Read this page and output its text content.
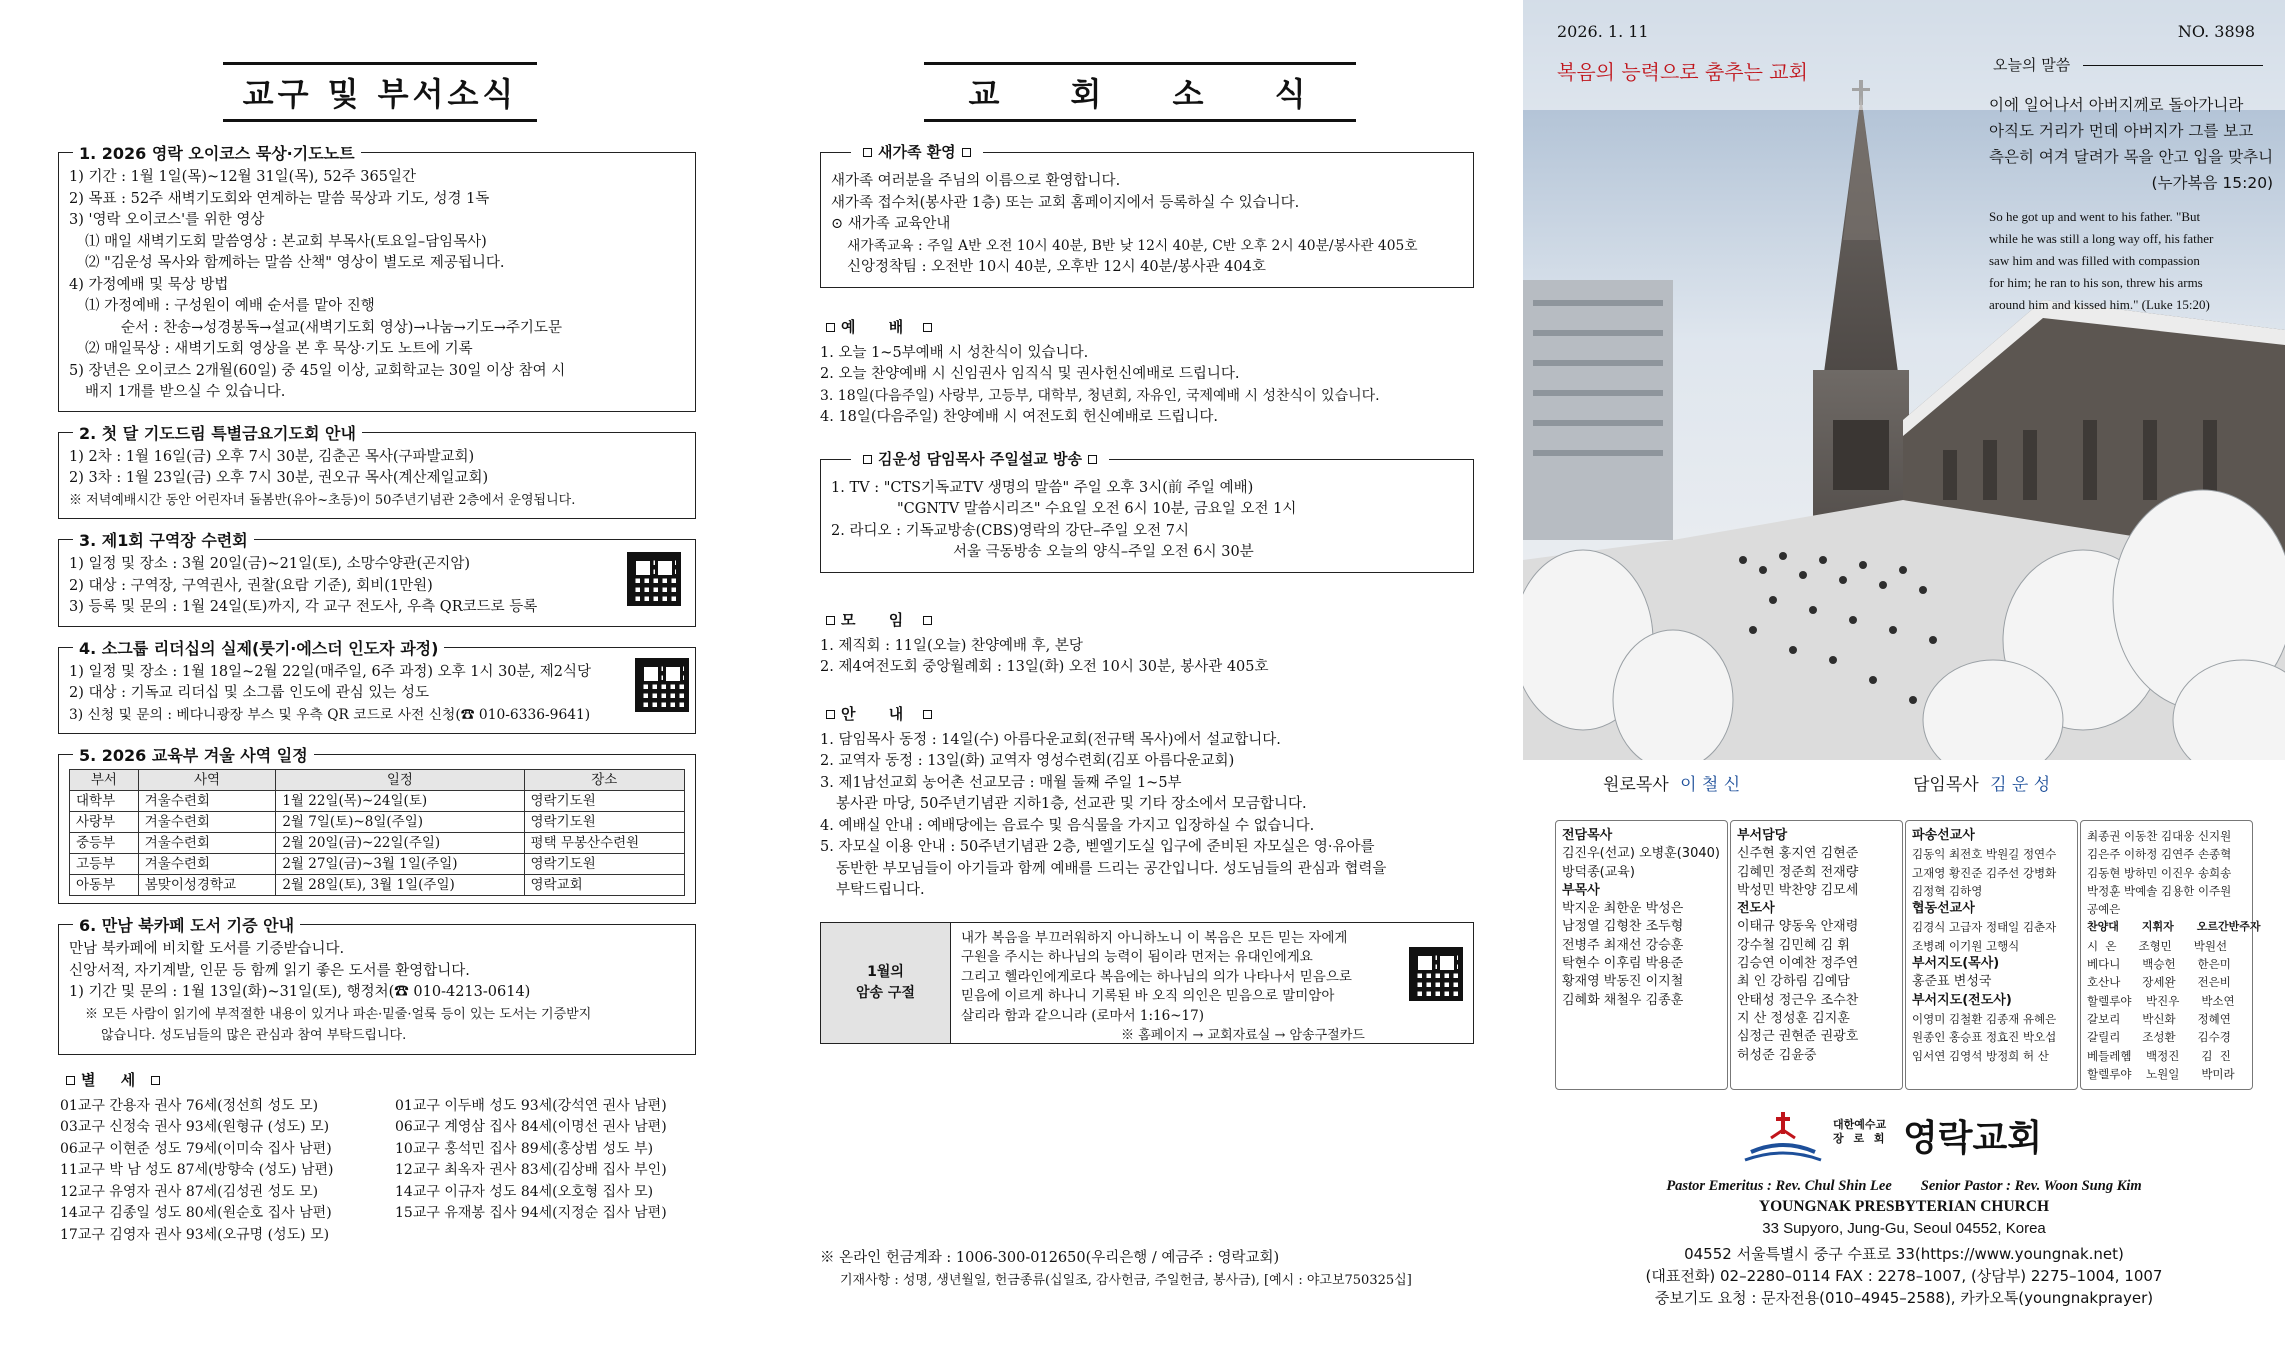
교구 및 부서소식
1. 2026 영락 오이코스 묵상·기도노트
1) 기간 : 1월 1일(목)~12월 31일(목), 52주 365일간
2) 목표 : 52주 새벽기도회와 연계하는 말씀 묵상과 기도, 성경 1독
3) '영락 오이코스'를 위한 영상
⑴ 매일 새벽기도회 말씀영상 : 본교회 부목사(토요일–담임목사)
⑵ "김운성 목사와 함께하는 말씀 산책" 영상이 별도로 제공됩니다.
4) 가정예배 및 묵상 방법
⑴ 가정예배 : 구성원이 예배 순서를 맡아 진행
순서 : 찬송→성경봉독→설교(새벽기도회 영상)→나눔→기도→주기도문
⑵ 매일묵상 : 새벽기도회 영상을 본 후 묵상·기도 노트에 기록
5) 장년은 오이코스 2개월(60일) 중 45일 이상, 교회학교는 30일 이상 참여 시
배지 1개를 받으실 수 있습니다.
2. 첫 달 기도드림 특별금요기도회 안내
1) 2차 : 1월 16일(금) 오후 7시 30분, 김춘곤 목사(구파발교회)
2) 3차 : 1월 23일(금) 오후 7시 30분, 권오규 목사(계산제일교회)
※ 저녁예배시간 동안 어린자녀 돌봄반(유아~초등)이 50주년기념관 2층에서 운영됩니다.
3. 제1회 구역장 수련회
1) 일정 및 장소 : 3월 20일(금)~21일(토), 소망수양관(곤지암)
2) 대상 : 구역장, 구역권사, 권찰(요람 기준), 회비(1만원)
3) 등록 및 문의 : 1월 24일(토)까지, 각 교구 전도사, 우측 QR코드로 등록
4. 소그룹 리더십의 실제(룻기·에스더 인도자 과정)
1) 일정 및 장소 : 1월 18일~2월 22일(매주일, 6주 과정) 오후 1시 30분, 제2식당
2) 대상 : 기독교 리더십 및 소그룹 인도에 관심 있는 성도
3) 신청 및 문의 : 베다니광장 부스 및 우측 QR 코드로 사전 신청(☎ 010-6336-9641)
5. 2026 교육부 겨울 사역 일정
부서	사역	일정	장소
대학부	겨울수련회	1월 22일(목)~24일(토)	영락기도원
사랑부	겨울수련회	2월 7일(토)~8일(주일)	영락기도원
중등부	겨울수련회	2월 20일(금)~22일(주일)	평택 무봉산수련원
고등부	겨울수련회	2월 27일(금)~3월 1일(주일)	영락기도원
아동부	봄맞이성경학교	2월 28일(토), 3월 1일(주일)	영락교회
6. 만남 북카페 도서 기증 안내
만남 북카페에 비치할 도서를 기증받습니다.
신앙서적, 자기계발, 인문 등 함께 읽기 좋은 도서를 환영합니다.
1) 기간 및 문의 : 1월 13일(화)~31일(토), 행정처(☎ 010-4213-0614)
※ 모든 사람이 읽기에 부적절한 내용이 있거나 파손·밑줄·얼룩 등이 있는 도서는 기증받지
않습니다. 성도님들의 많은 관심과 참여 부탁드립니다.
별 세
01교구 간용자 권사 76세(정선희 성도 모)
03교구 신정숙 권사 93세(원형규 (성도) 모)
06교구 이현준 성도 79세(이미숙 집사 남편)
11교구 박 남 성도 87세(방향숙 (성도) 남편)
12교구 유영자 권사 87세(김성권 성도 모)
14교구 김종일 성도 80세(원순호 집사 남편)
17교구 김영자 권사 93세(오규명 (성도) 모)
01교구 이두배 성도 93세(강석연 권사 남편)
06교구 계영삼 집사 84세(이명선 권사 남편)
10교구 홍석민 집사 89세(홍상범 성도 부)
12교구 최옥자 권사 83세(김상배 집사 부인)
14교구 이규자 성도 84세(오호형 집사 모)
15교구 유재봉 집사 94세(지정순 집사 남편)
교 회 소 식
새가족 환영
새가족 여러분을 주님의 이름으로 환영합니다.
새가족 접수처(봉사관 1층) 또는 교회 홈페이지에서 등록하실 수 있습니다.
⊙ 새가족 교육안내
새가족교육 : 주일 A반 오전 10시 40분, B반 낮 12시 40분, C반 오후 2시 40분/봉사관 405호
신앙정착팀 : 오전반 10시 40분, 오후반 12시 40분/봉사관 404호
예 배
1. 오늘 1~5부예배 시 성찬식이 있습니다.
2. 오늘 찬양예배 시 신임권사 임직식 및 권사헌신예배로 드립니다.
3. 18일(다음주일) 사랑부, 고등부, 대학부, 청년회, 자유인, 국제예배 시 성찬식이 있습니다.
4. 18일(다음주일) 찬양예배 시 여전도회 헌신예배로 드립니다.
김운성 담임목사 주일설교 방송
1. TV : "CTS기독교TV 생명의 말씀" 주일 오후 3시(前 주일 예배)
"CGNTV 말씀시리즈" 수요일 오전 6시 10분, 금요일 오전 1시
2. 라디오 : 기독교방송(CBS)영락의 강단–주일 오전 7시
서울 극동방송 오늘의 양식–주일 오전 6시 30분
모 임
1. 제직회 : 11일(오늘) 찬양예배 후, 본당
2. 제4여전도회 중앙월례회 : 13일(화) 오전 10시 30분, 봉사관 405호
안 내
1. 담임목사 동정 : 14일(수) 아름다운교회(전규택 목사)에서 설교합니다.
2. 교역자 동정 : 13일(화) 교역자 영성수련회(김포 아름다운교회)
3. 제1남선교회 농어촌 선교모금 : 매월 둘째 주일 1~5부
봉사관 마당, 50주년기념관 지하1층, 선교관 및 기타 장소에서 모금합니다.
4. 예배실 안내 : 예배당에는 음료수 및 음식물을 가지고 입장하실 수 없습니다.
5. 자모실 이용 안내 : 50주년기념관 2층, 벧엘기도실 입구에 준비된 자모실은 영·유아를
동반한 부모님들이 아기들과 함께 예배를 드리는 공간입니다. 성도님들의 관심과 협력을
부탁드립니다.
1월의
암송 구절
내가 복음을 부끄러워하지 아니하노니 이 복음은 모든 믿는 자에게
구원을 주시는 하나님의 능력이 됨이라 먼저는 유대인에게요
그리고 헬라인에게로다 복음에는 하나님의 의가 나타나서 믿음으로
믿음에 이르게 하나니 기록된 바 오직 의인은 믿음으로 말미암아
살리라 함과 같으니라 (로마서 1:16~17)
※ 홈페이지 → 교회자료실 → 암송구절카드
※ 온라인 헌금계좌 : 1006-300-012650(우리은행 / 예금주 : 영락교회)
기재사항 : 성명, 생년월일, 헌금종류(십일조, 감사헌금, 주일헌금, 봉사금), [예시 : 야고보750325십]
2026. 1. 11	NO. 3898
복음의 능력으로 춤추는 교회	오늘의 말씀
이에 일어나서 아버지께로 돌아가니라
아직도 거리가 먼데 아버지가 그를 보고
측은히 여겨 달려가 목을 안고 입을 맞추니
(누가복음 15:20)
So he got up and went to his father. "But
while he was still a long way off, his father
saw him and was filled with compassion
for him; he ran to his son, threw his arms
around him and kissed him." (Luke 15:20)
원로목사 이 철 신	담임목사 김 운 성
전담목사
김진우(선교) 오병훈(3040)
방덕종(교육)
부목사
박지운 최한운 박성은
남정열 김형찬 조두형
전병주 최재선 강승훈
탁현수 이후림 박용준
황재영 박동진 이지철
김혜화 채철우 김종훈
부서담당
신주현 홍지연 김현준
김혜민 정준희 전재량
박성민 박찬양 김모세
전도사
이태규 양동욱 안재령
강수철 김민혜 김 휘
김승연 이예찬 정주연
최 인 강하림 김예담
안태성 정근우 조수찬
지 산 정성훈 김지훈
심정근 권현준 권광호
허성준 김윤중
파송선교사
김동익 최전호 박원길 정연수
고재영 황진준 김주선 강병화
김정혁 김하영
협동선교사
김경식 고급자 정태일 김춘자
조병례 이기원 고행식
부서지도(목사)
홍준표 변성국
부서지도(전도사)
이영미 김철환 김종재 유혜은
원종인 홍승표 정효진 박오섭
임서연 김영석 방정희 허 산
최종권 이동찬 김대웅 신지원
김은주 이하정 김연주 손종혁
김동현 방하민 이진우 송희송
박정훈 박예솔 김용한 이주원
공예은
찬양대      지휘자      오르간반주자
시  온      조형민      박원선
베다니      백승헌      한은미
호산나      장세완      전은비
할렐루야    박진우      박소연
갈보리      박신화      정혜연
갈릴리      조성환      김수경
베들레헴    백정진      김  진
할렐루야    노원일      박미라
대한예수교
장 로 회 영락교회
Pastor Emeritus : Rev. Chul Shin Lee        Senior Pastor : Rev. Woon Sung Kim
YOUNGNAK PRESBYTERIAN CHURCH
33 Supyoro, Jung-Gu, Seoul 04552, Korea
04552 서울특별시 중구 수표로 33(https://www.youngnak.net)
(대표전화) 02–2280–0114 FAX : 2278–1007, (상담부) 2275–1004, 1007
중보기도 요청 : 문자전용(010–4945–2588), 카카오톡(youngnakprayer)
